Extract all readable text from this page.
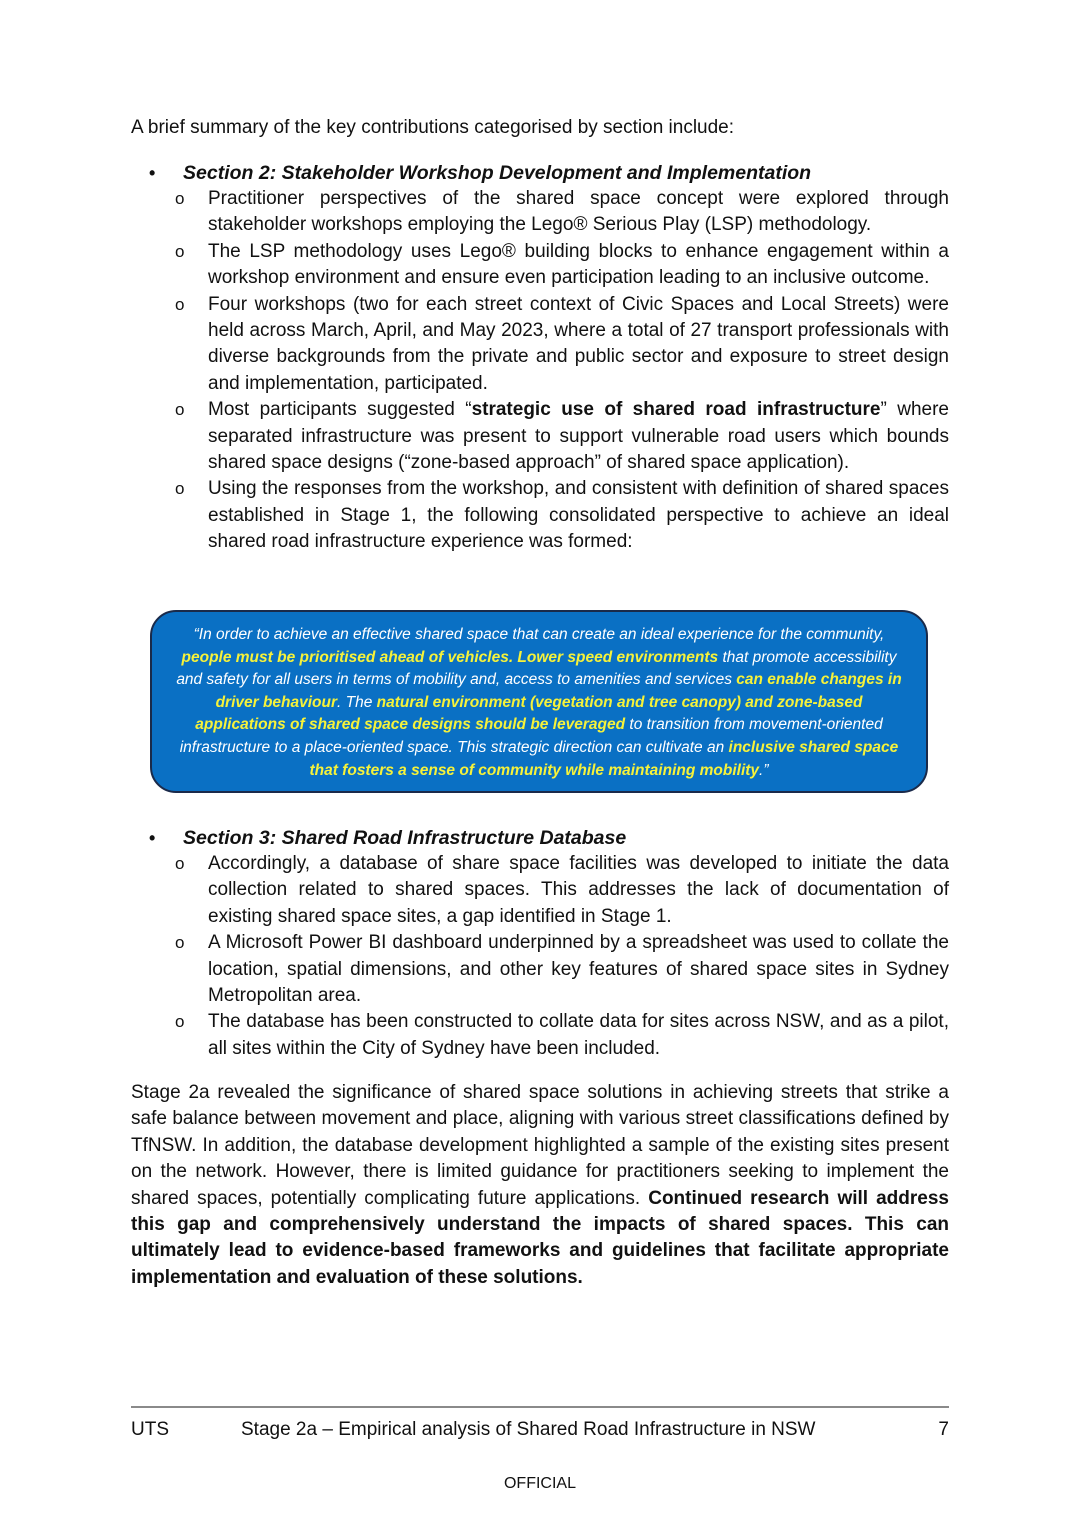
A brief summary of the key contributions categorised by section include:
• Section 2: Stakeholder Workshop Development and Implementation
o Practitioner perspectives of the shared space concept were explored through stakeholder workshops employing the Lego® Serious Play (LSP) methodology.
o The LSP methodology uses Lego® building blocks to enhance engagement within a workshop environment and ensure even participation leading to an inclusive outcome.
o Four workshops (two for each street context of Civic Spaces and Local Streets) were held across March, April, and May 2023, where a total of 27 transport professionals with diverse backgrounds from the private and public sector and exposure to street design and implementation, participated.
o Most participants suggested “strategic use of shared road infrastructure” where separated infrastructure was present to support vulnerable road users which bounds shared space designs (“zone-based approach” of shared space application).
o Using the responses from the workshop, and consistent with definition of shared spaces established in Stage 1, the following consolidated perspective to achieve an ideal shared road infrastructure experience was formed:
• Section 3: Shared Road Infrastructure Database
o Accordingly, a database of share space facilities was developed to initiate the data collection related to shared spaces. This addresses the lack of documentation of existing shared space sites, a gap identified in Stage 1.
o A Microsoft Power BI dashboard underpinned by a spreadsheet was used to collate the location, spatial dimensions, and other key features of shared space sites in Sydney Metropolitan area.
o The database has been constructed to collate data for sites across NSW, and as a pilot, all sites within the City of Sydney have been included.
Stage 2a revealed the significance of shared space solutions in achieving streets that strike a safe balance between movement and place, aligning with various street classifications defined by TfNSW. In addition, the database development highlighted a sample of the existing sites present on the network. However, there is limited guidance for practitioners seeking to implement the shared spaces, potentially complicating future applications. Continued research will address this gap and comprehensively understand the impacts of shared spaces. This can ultimately lead to evidence-based frameworks and guidelines that facilitate appropriate implementation and evaluation of these solutions.
“In order to achieve an effective shared space that can create an ideal experience for the community, people must be prioritised ahead of vehicles. Lower speed environments that promote accessibility and safety for all users in terms of mobility and, access to amenities and services can enable changes in driver behaviour. The natural environment (vegetation and tree canopy) and zone-based applications of shared space designs should be leveraged to transition from movement-oriented infrastructure to a place-oriented space. This strategic direction can cultivate an inclusive shared space that fosters a sense of community while maintaining mobility.”
UTS	Stage 2a – Empirical analysis of Shared Road Infrastructure in NSW	7
OFFICIAL
